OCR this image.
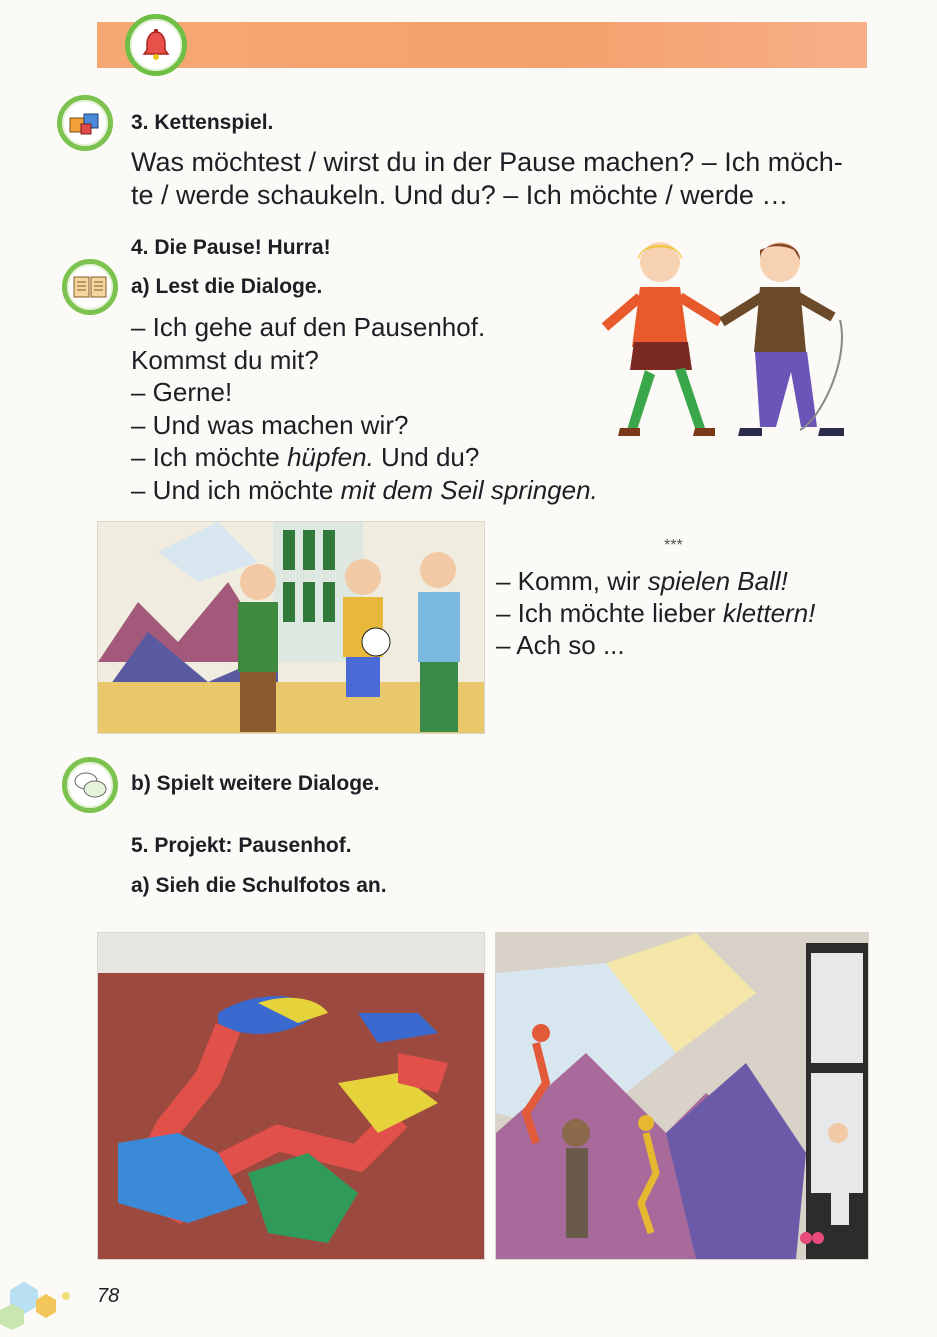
3. Kettenspiel.
Was möchtest / wirst du in der Pause machen? – Ich möch-
te / werde schaukeln. Und du? – Ich möchte / werde …
4. Die Pause! Hurra!
a) Lest die Dialoge.
– Ich gehe auf den Pausenhof.
Kommst du mit?
– Gerne!
– Und was machen wir?
– Ich möchte hüpfen. Und du?
– Und ich möchte mit dem Seil springen.
***
– Komm, wir spielen Ball!
– Ich möchte lieber klettern!
– Ach so ...
b) Spielt weitere Dialoge.
5. Projekt: Pausenhof.
a) Sieh die Schulfotos an.
78
